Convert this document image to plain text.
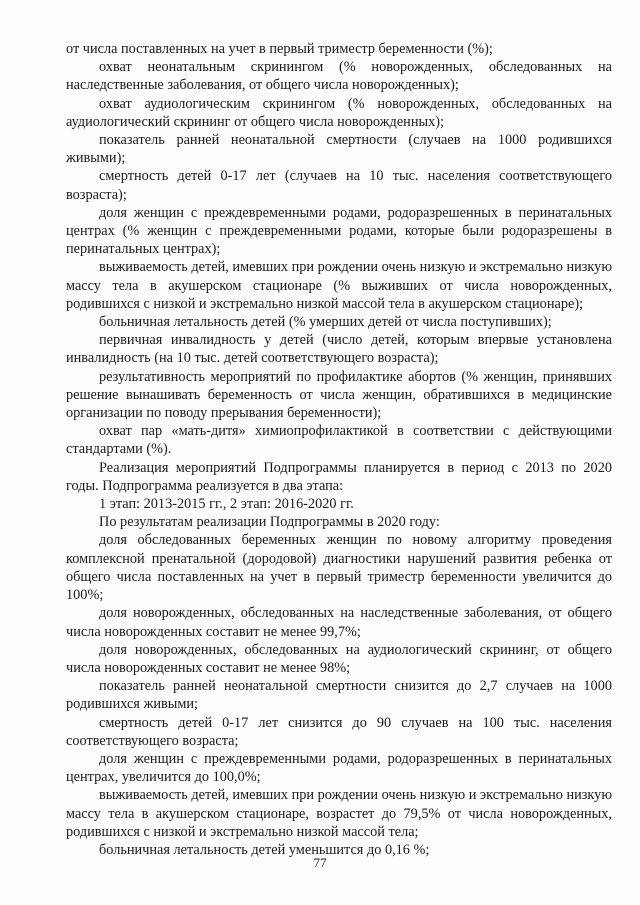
от числа поставленных на учет в первый триместр беременности (%);

охват неонатальным скринингом (% новорожденных, обследованных на наследственные заболевания, от общего числа новорожденных);

охват аудиологическим скринингом (% новорожденных, обследованных на аудиологический скрининг от общего числа новорожденных);

показатель ранней неонатальной смертности (случаев на 1000 родившихся живыми);

смертность детей 0-17 лет (случаев на 10 тыс. населения соответствующего возраста);

доля женщин с преждевременными родами, родоразрешенных в перинатальных центрах (% женщин с преждевременными родами, которые были родоразрешены в перинатальных центрах);

выживаемость детей, имевших при рождении очень низкую и экстремально низкую массу тела в акушерском стационаре (% выживших от числа новорожденных, родившихся с низкой и экстремально низкой массой тела в акушерском стационаре);

больничная летальность детей (% умерших детей от числа поступивших);

первичная инвалидность у детей (число детей, которым впервые установлена инвалидность (на 10 тыс. детей соответствующего возраста);

результативность мероприятий по профилактике абортов (% женщин, принявших решение вынашивать беременность от числа женщин, обратившихся в медицинские организации по поводу прерывания беременности);

охват пар «мать-дитя» химиопрофилактикой в соответствии с действующими стандартами (%).

Реализация мероприятий Подпрограммы планируется в период с 2013 по 2020 годы. Подпрограмма реализуется в два этапа:

1 этап: 2013-2015 гг., 2 этап: 2016-2020 гг.

По результатам реализации Подпрограммы в 2020 году:

доля обследованных беременных женщин по новому алгоритму проведения комплексной пренатальной (дородовой) диагностики нарушений развития ребенка от общего числа поставленных на учет в первый триместр беременности увеличится до 100%;

доля новорожденных, обследованных на наследственные заболевания, от общего числа новорожденных составит не менее 99,7%;

доля новорожденных, обследованных на аудиологический скрининг, от общего числа новорожденных составит не менее 98%;

показатель ранней неонатальной смертности снизится до 2,7 случаев на 1000 родившихся живыми;

смертность детей 0-17 лет снизится до 90 случаев на 100 тыс. населения соответствующего возраста;

доля женщин с преждевременными родами, родоразрешенных в перинатальных центрах, увеличится до 100,0%;

выживаемость детей, имевших при рождении очень низкую и экстремально низкую массу тела в акушерском стационаре, возрастет до 79,5% от числа новорожденных, родившихся с низкой и экстремально низкой массой тела;

больничная летальность детей уменьшится до 0,16 %;

77
